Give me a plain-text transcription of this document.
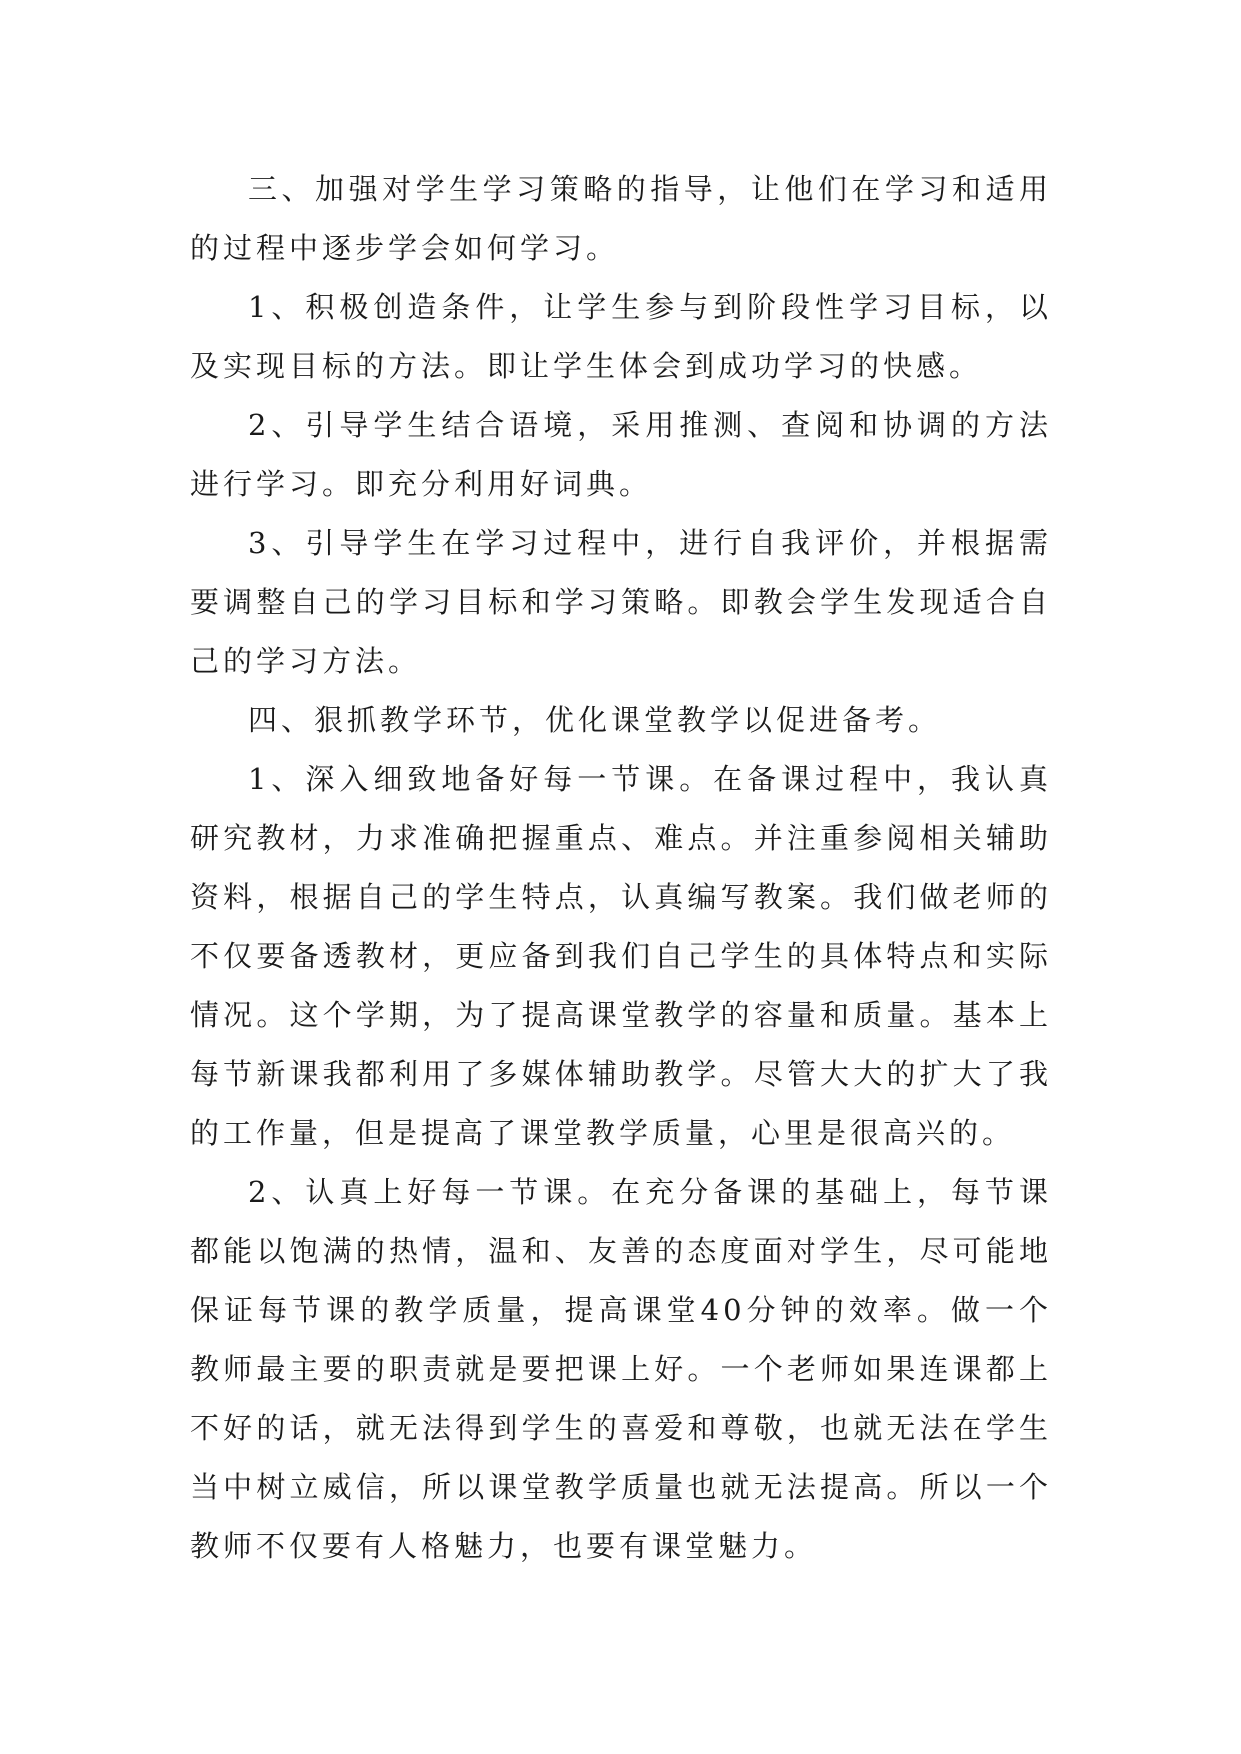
三、加强对学生学习策略的指导，让他们在学习和适用的过程中逐步学会如何学习。

1、积极创造条件，让学生参与到阶段性学习目标，以及实现目标的方法。即让学生体会到成功学习的快感。

2、引导学生结合语境，采用推测、查阅和协调的方法进行学习。即充分利用好词典。

3、引导学生在学习过程中，进行自我评价，并根据需要调整自己的学习目标和学习策略。即教会学生发现适合自己的学习方法。

四、狠抓教学环节，优化课堂教学以促进备考。

1、深入细致地备好每一节课。在备课过程中，我认真研究教材，力求准确把握重点、难点。并注重参阅相关辅助资料，根据自己的学生特点，认真编写教案。我们做老师的不仅要备透教材，更应备到我们自己学生的具体特点和实际情况。这个学期，为了提高课堂教学的容量和质量。基本上每节新课我都利用了多媒体辅助教学。尽管大大的扩大了我的工作量，但是提高了课堂教学质量，心里是很高兴的。

2、认真上好每一节课。在充分备课的基础上，每节课都能以饱满的热情，温和、友善的态度面对学生，尽可能地保证每节课的教学质量，提高课堂40分钟的效率。做一个教师最主要的职责就是要把课上好。一个老师如果连课都上不好的话，就无法得到学生的喜爱和尊敬，也就无法在学生当中树立威信，所以课堂教学质量也就无法提高。所以一个教师不仅要有人格魅力，也要有课堂魅力。
